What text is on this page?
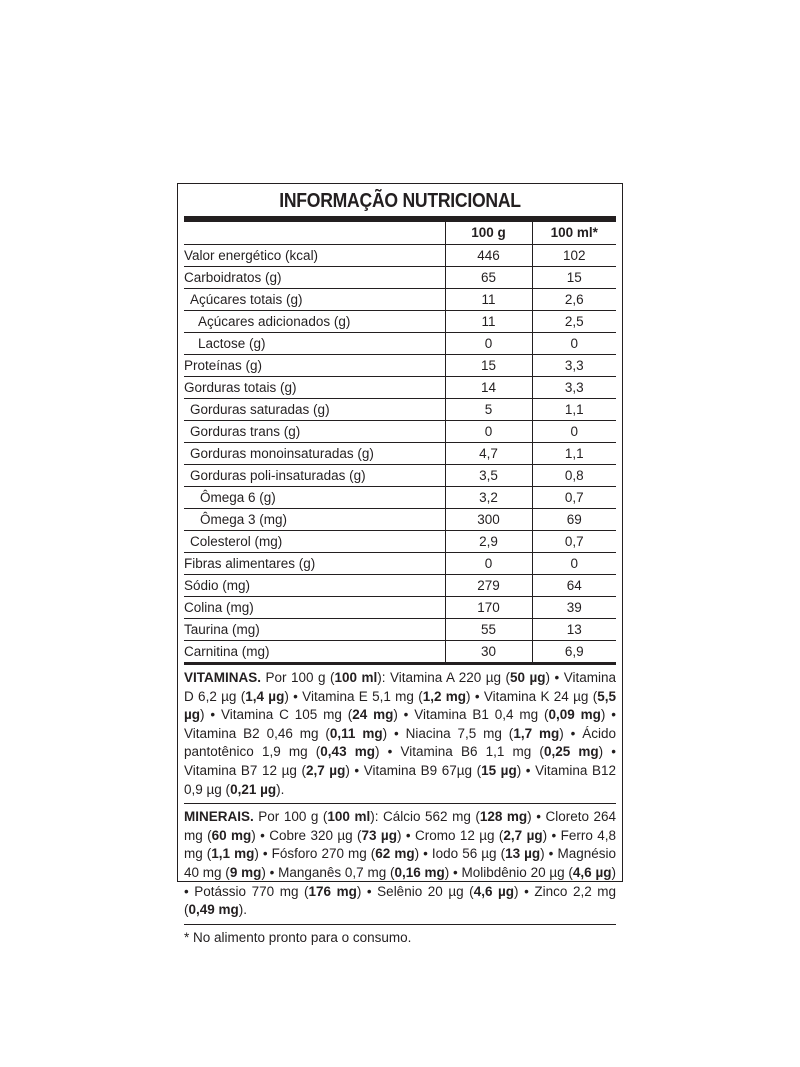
INFORMAÇÃO NUTRICIONAL
	100 g	100 ml*
Valor energético (kcal)	446	102
Carboidratos (g)	65	15
Açúcares totais (g)	11	2,6
Açúcares adicionados (g)	11	2,5
Lactose (g)	0	0
Proteínas (g)	15	3,3
Gorduras totais (g)	14	3,3
Gorduras saturadas (g)	5	1,1
Gorduras trans (g)	0	0
Gorduras monoinsaturadas (g)	4,7	1,1
Gorduras poli-insaturadas (g)	3,5	0,8
Ômega 6 (g)	3,2	0,7
Ômega 3 (mg)	300	69
Colesterol (mg)	2,9	0,7
Fibras alimentares (g)	0	0
Sódio (mg)	279	64
Colina (mg)	170	39
Taurina (mg)	55	13
Carnitina (mg)	30	6,9
VITAMINAS. Por 100 g (100 ml): Vitamina A 220 µg (50 µg) • Vitamina D 6,2 µg (1,4 µg) • Vitamina E 5,1 mg (1,2 mg) • Vitamina K 24 µg (5,5 µg) • Vitamina C 105 mg (24 mg) • Vitamina B1 0,4 mg (0,09 mg) • Vitamina B2 0,46 mg (0,11 mg) • Niacina 7,5 mg (1,7 mg) • Ácido pantotênico 1,9 mg (0,43 mg) • Vitamina B6 1,1 mg (0,25 mg) • Vitamina B7 12 µg (2,7 µg) • Vitamina B9 67µg (15 µg) • Vitamina B12 0,9 µg (0,21 µg).
MINERAIS. Por 100 g (100 ml): Cálcio 562 mg (128 mg) • Cloreto 264 mg (60 mg) • Cobre 320 µg (73 µg) • Cromo 12 µg (2,7 µg) • Ferro 4,8 mg (1,1 mg) • Fósforo 270 mg (62 mg) • Iodo 56 µg (13 µg) • Magnésio 40 mg (9 mg) • Manganês 0,7 mg (0,16 mg) • Molibdênio 20 µg (4,6 µg) • Potássio 770 mg (176 mg) • Selênio 20 µg (4,6 µg) • Zinco 2,2 mg (0,49 mg).
* No alimento pronto para o consumo.
